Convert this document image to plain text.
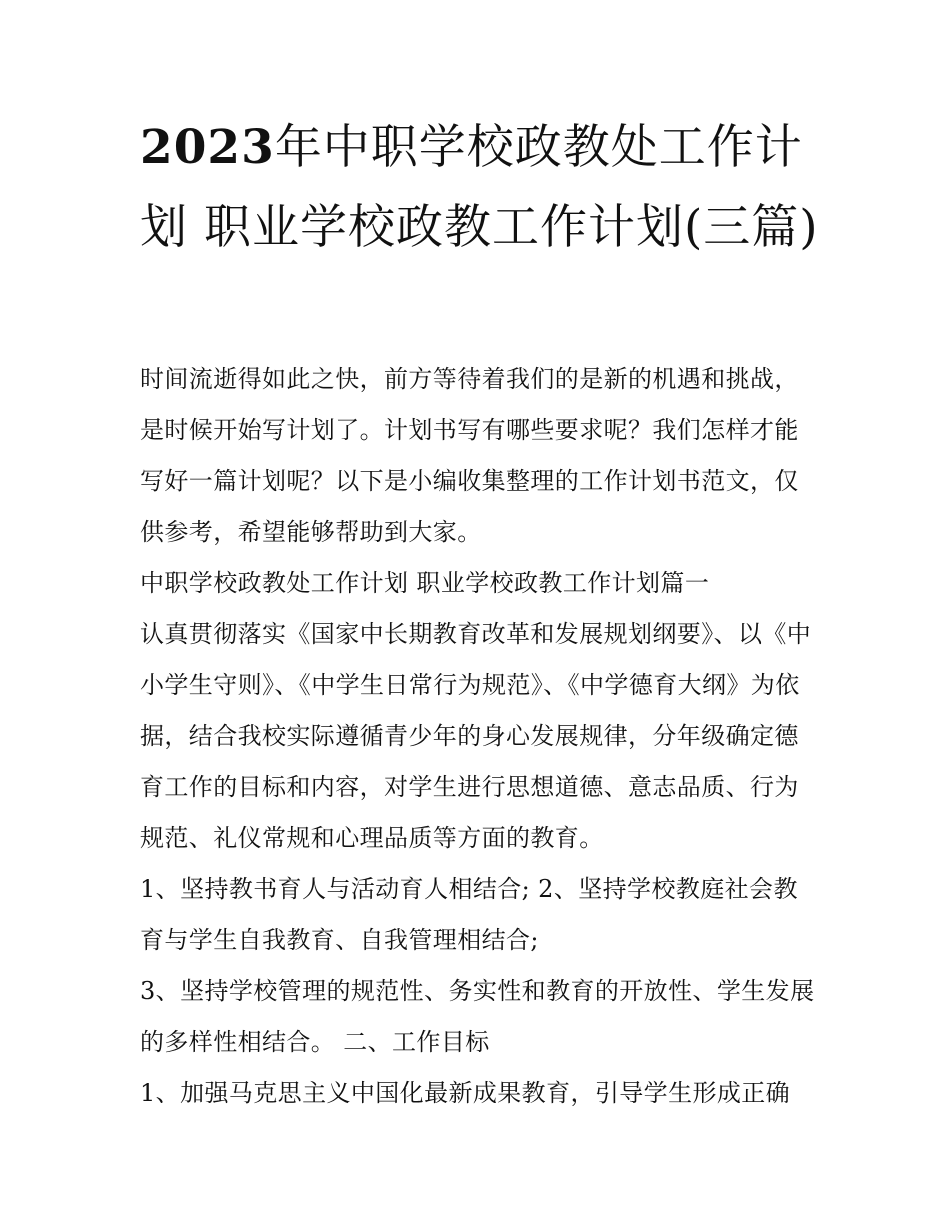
2023年中职学校政教处工作计划 职业学校政教工作计划(三篇)

时间流逝得如此之快，前方等待着我们的是新的机遇和挑战，是时候开始写计划了。计划书写有哪些要求呢？我们怎样才能写好一篇计划呢？以下是小编收集整理的工作计划书范文，仅供参考，希望能够帮助到大家。

中职学校政教处工作计划 职业学校政教工作计划篇一

认真贯彻落实《国家中长期教育改革和发展规划纲要》、以《中小学生守则》、《中学生日常行为规范》、《中学德育大纲》为依据，结合我校实际遵循青少年的身心发展规律，分年级确定德育工作的目标和内容，对学生进行思想道德、意志品质、行为规范、礼仪常规和心理品质等方面的教育。

1、坚持教书育人与活动育人相结合; 2、坚持学校教庭社会教育与学生自我教育、自我管理相结合;

3、坚持学校管理的规范性、务实性和教育的开放性、学生发展的多样性相结合。 二、工作目标

1、加强马克思主义中国化最新成果教育，引导学生形成正确
